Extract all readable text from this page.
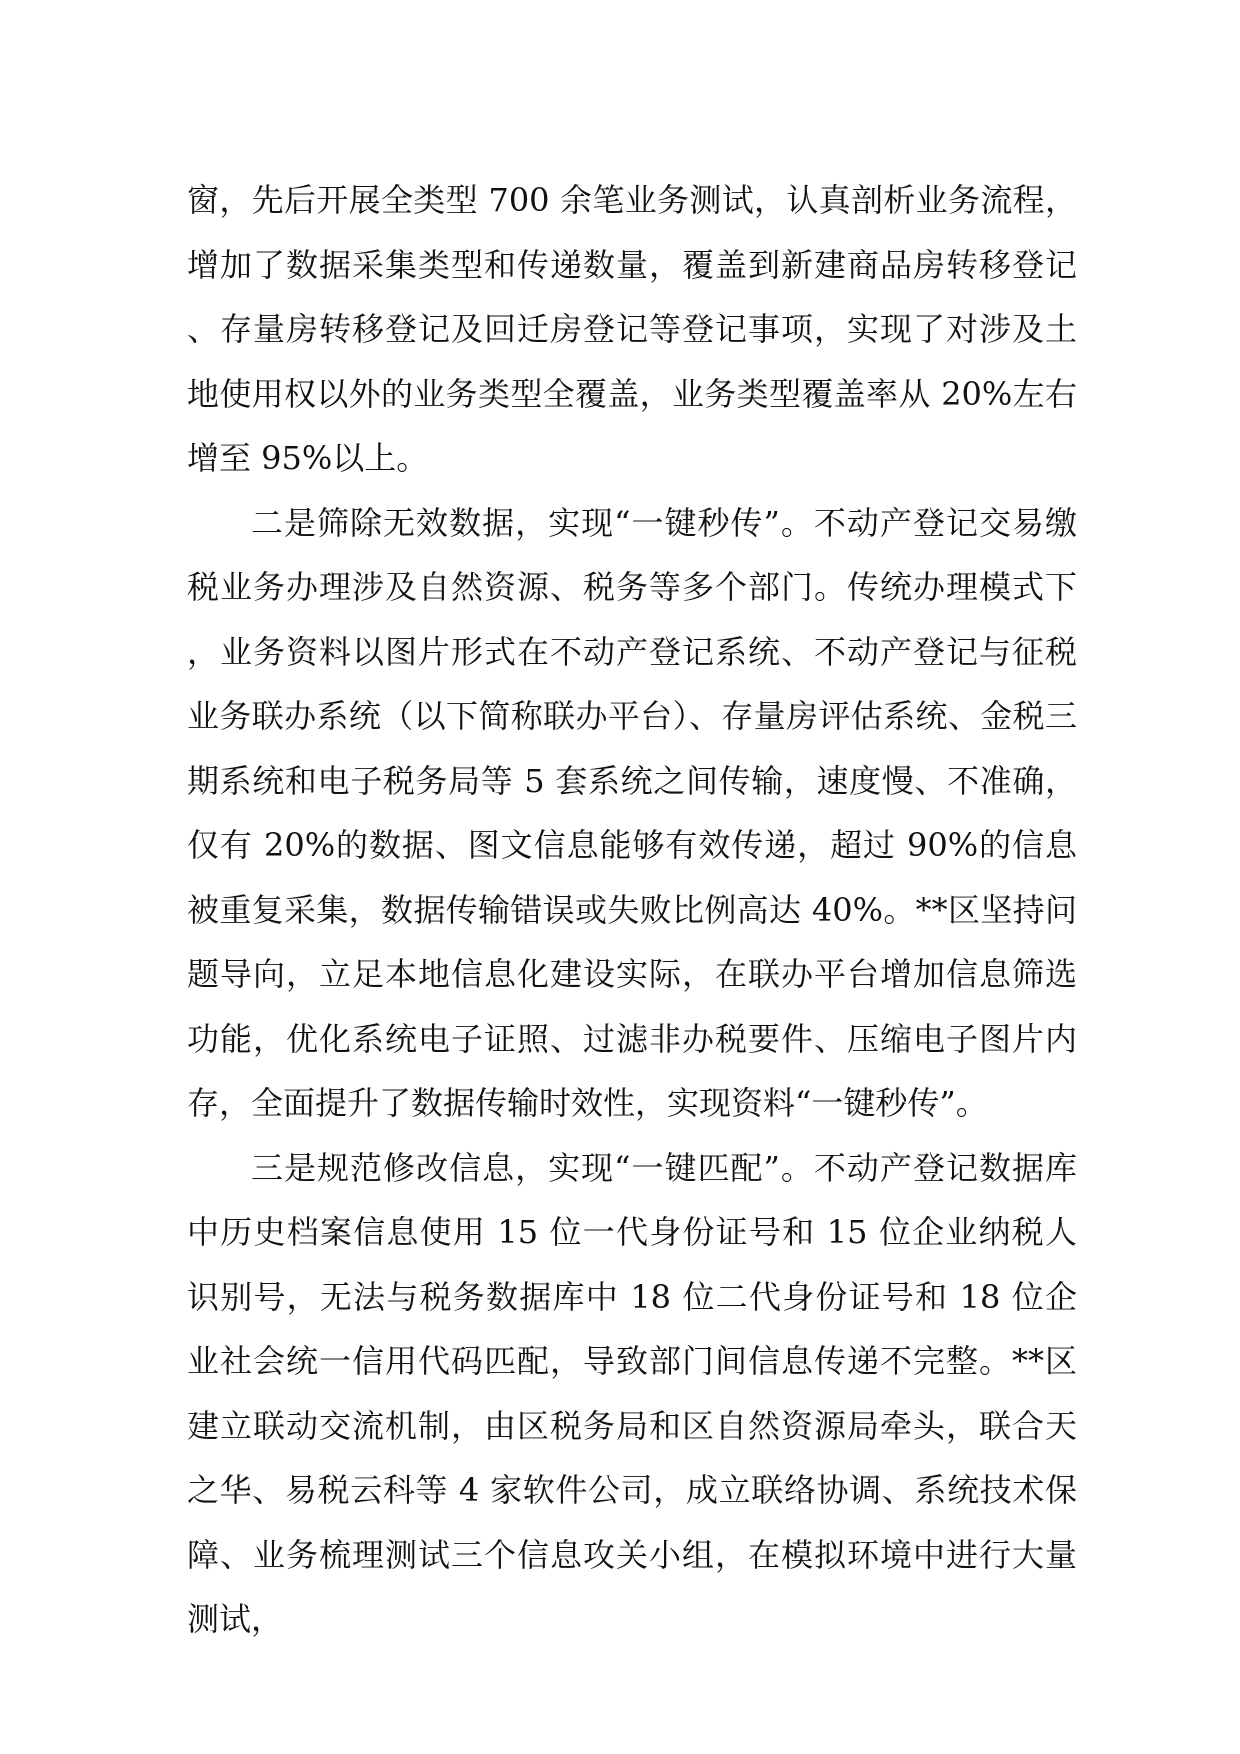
窗，先后开展全类型 700 余笔业务测试，认真剖析业务流程，增加了数据采集类型和传递数量，覆盖到新建商品房转移登记、存量房转移登记及回迁房登记等登记事项，实现了对涉及土地使用权以外的业务类型全覆盖，业务类型覆盖率从 20%左右增至 95%以上。

二是筛除无效数据，实现“一键秒传”。不动产登记交易缴税业务办理涉及自然资源、税务等多个部门。传统办理模式下，业务资料以图片形式在不动产登记系统、不动产登记与征税业务联办系统（以下简称联办平台）、存量房评估系统、金税三期系统和电子税务局等 5 套系统之间传输，速度慢、不准确，仅有 20%的数据、图文信息能够有效传递，超过 90%的信息被重复采集，数据传输错误或失败比例高达 40%。**区坚持问题导向，立足本地信息化建设实际，在联办平台增加信息筛选功能，优化系统电子证照、过滤非办税要件、压缩电子图片内存，全面提升了数据传输时效性，实现资料“一键秒传”。

三是规范修改信息，实现“一键匹配”。不动产登记数据库中历史档案信息使用 15 位一代身份证号和 15 位企业纳税人识别号，无法与税务数据库中 18 位二代身份证号和 18 位企业社会统一信用代码匹配，导致部门间信息传递不完整。**区建立联动交流机制，由区税务局和区自然资源局牵头，联合天之华、易税云科等 4 家软件公司，成立联络协调、系统技术保障、业务梳理测试三个信息攻关小组，在模拟环境中进行大量测试，
